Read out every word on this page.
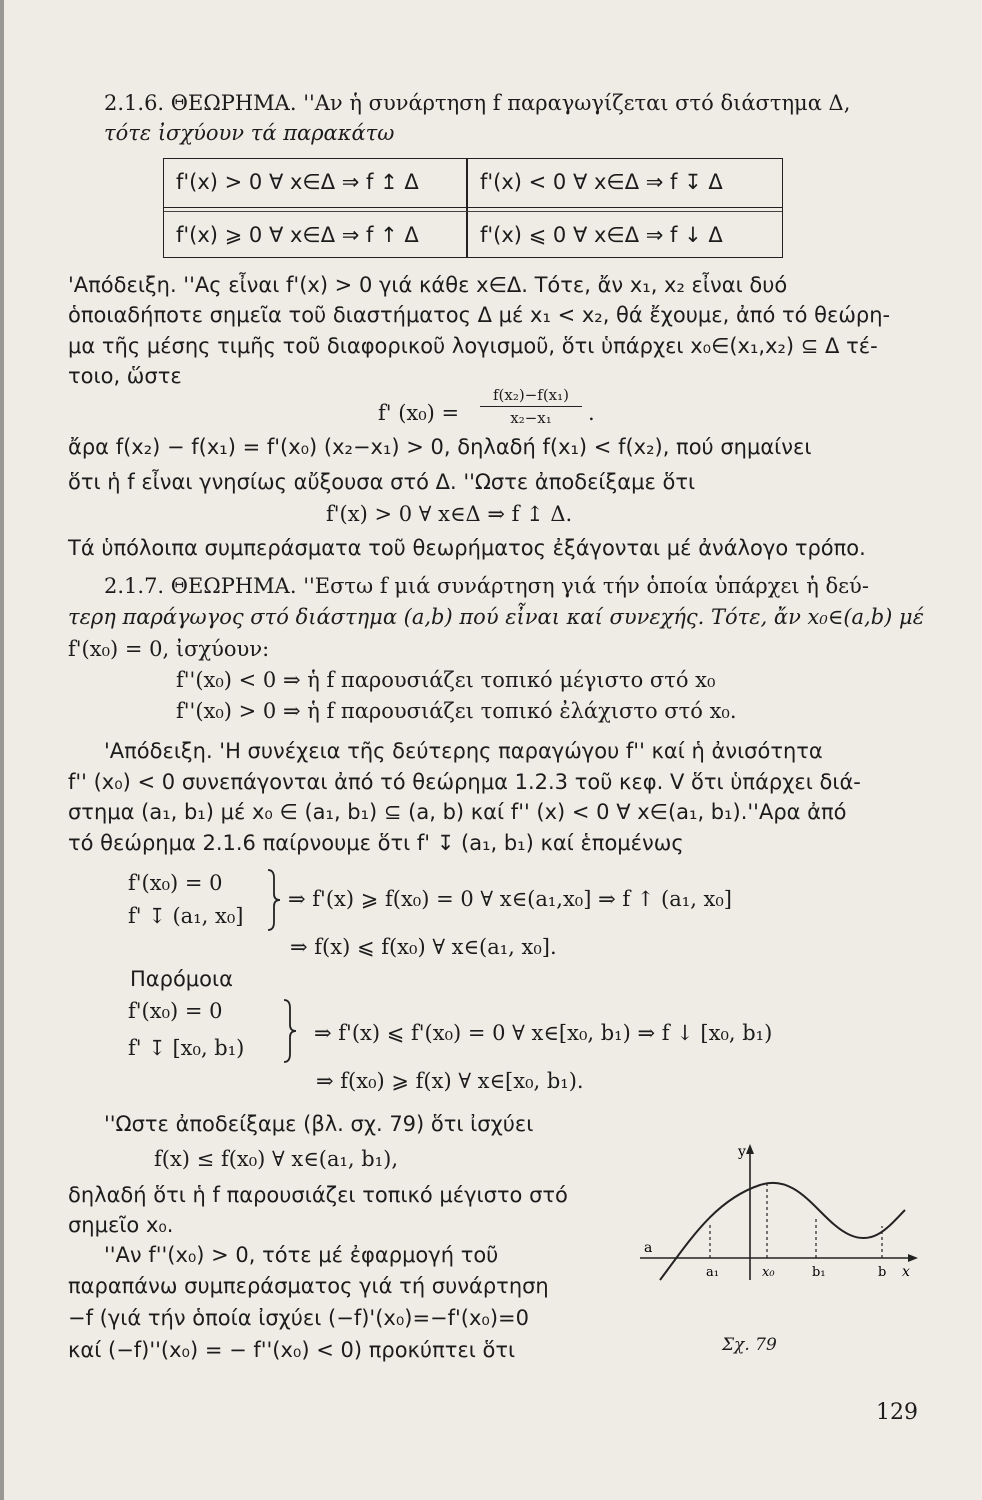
2.1.6. ΘΕΩΡΗΜΑ. ''Αν ἡ συνάρτηση f παραγωγίζεται στό διάστημα Δ,
τότε ἰσχύουν τά παρακάτω
f'(x) > 0 ∀ x∈Δ ⇒ f ↥ Δ	f'(x) < 0 ∀ x∈Δ ⇒ f ↧ Δ
f'(x) ⩾ 0 ∀ x∈Δ ⇒ f ↑ Δ	f'(x) ⩽ 0 ∀ x∈Δ ⇒ f ↓ Δ
'Απόδειξη. ''Ας εἶναι f'(x) > 0 γιά κάθε x∈Δ. Τότε, ἄν x₁, x₂ εἶναι δυό
ὁποιαδήποτε σημεῖα τοῦ διαστήματος Δ μέ x₁ < x₂, θά ἔχουμε, ἀπό τό θεώρη-
μα τῆς μέσης τιμῆς τοῦ διαφορικοῦ λογισμοῦ, ὅτι ὑπάρχει x₀∈(x₁,x₂) ⊆ Δ τέ-
τοιο, ὥστε
f' (x₀) =
f(x₂)−f(x₁)
x₂−x₁	.
ἄρα f(x₂) − f(x₁) = f'(x₀) (x₂−x₁) > 0, δηλαδή f(x₁) < f(x₂), πού σημαίνει
ὅτι ἡ f εἶναι γνησίως αὔξουσα στό Δ. ''Ωστε ἀποδείξαμε ὅτι
f'(x) > 0 ∀ x∈Δ ⇒ f ↥ Δ.
Τά ὑπόλοιπα συμπεράσματα τοῦ θεωρήματος ἐξάγονται μέ ἀνάλογο τρόπο.
2.1.7. ΘΕΩΡΗΜΑ. ''Εστω f μιά συνάρτηση γιά τήν ὁποία ὑπάρχει ἡ δεύ-
τερη παράγωγος στό διάστημα (a,b) πού εἶναι καί συνεχής. Τότε, ἄν x₀∈(a,b) μέ
f'(x₀) = 0, ἰσχύουν:
f''(x₀) < 0 ⇒ ἡ f παρουσιάζει τοπικό μέγιστο στό x₀
f''(x₀) > 0 ⇒ ἡ f παρουσιάζει τοπικό ἐλάχιστο στό x₀.
'Απόδειξη. 'Η συνέχεια τῆς δεύτερης παραγώγου f'' καί ἡ ἀνισότητα
f'' (x₀) < 0 συνεπάγονται ἀπό τό θεώρημα 1.2.3 τοῦ κεφ. V ὅτι ὑπάρχει διά-
στημα (a₁, b₁) μέ x₀ ∈ (a₁, b₁) ⊆ (a, b) καί f'' (x) < 0 ∀ x∈(a₁, b₁).''Αρα ἀπό
τό θεώρημα 2.1.6 παίρνουμε ὅτι f' ↧ (a₁, b₁) καί ἑπομένως
f'(x₀) = 0
f' ↧ (a₁, x₀]
⇒ f'(x) ⩾ f(x₀) = 0 ∀ x∈(a₁,x₀] ⇒ f ↑ (a₁, x₀]
⇒ f(x) ⩽ f(x₀) ∀ x∈(a₁, x₀].
Παρόμοια
f'(x₀) = 0
f' ↧ [x₀, b₁)
⇒ f'(x) ⩽ f'(x₀) = 0 ∀ x∈[x₀, b₁) ⇒ f ↓ [x₀, b₁)
⇒ f(x₀) ⩾ f(x) ∀ x∈[x₀, b₁).
''Ωστε ἀποδείξαμε (βλ. σχ. 79) ὅτι ἰσχύει
f(x) ≤ f(x₀) ∀ x∈(a₁, b₁),
δηλαδή ὅτι ἡ f παρουσιάζει τοπικό μέγιστο στό
σημεῖο x₀.
''Αν f''(x₀) > 0, τότε μέ ἐφαρμογή τοῦ
παραπάνω συμπεράσματος γιά τή συνάρτηση
−f (γιά τήν ὁποία ἰσχύει (−f)'(x₀)=−f'(x₀)=0
καί (−f)''(x₀) = − f''(x₀) < 0) προκύπτει ὅτι
y
x
a
a₁	x₀	b₁	b
Σχ. 79
129
